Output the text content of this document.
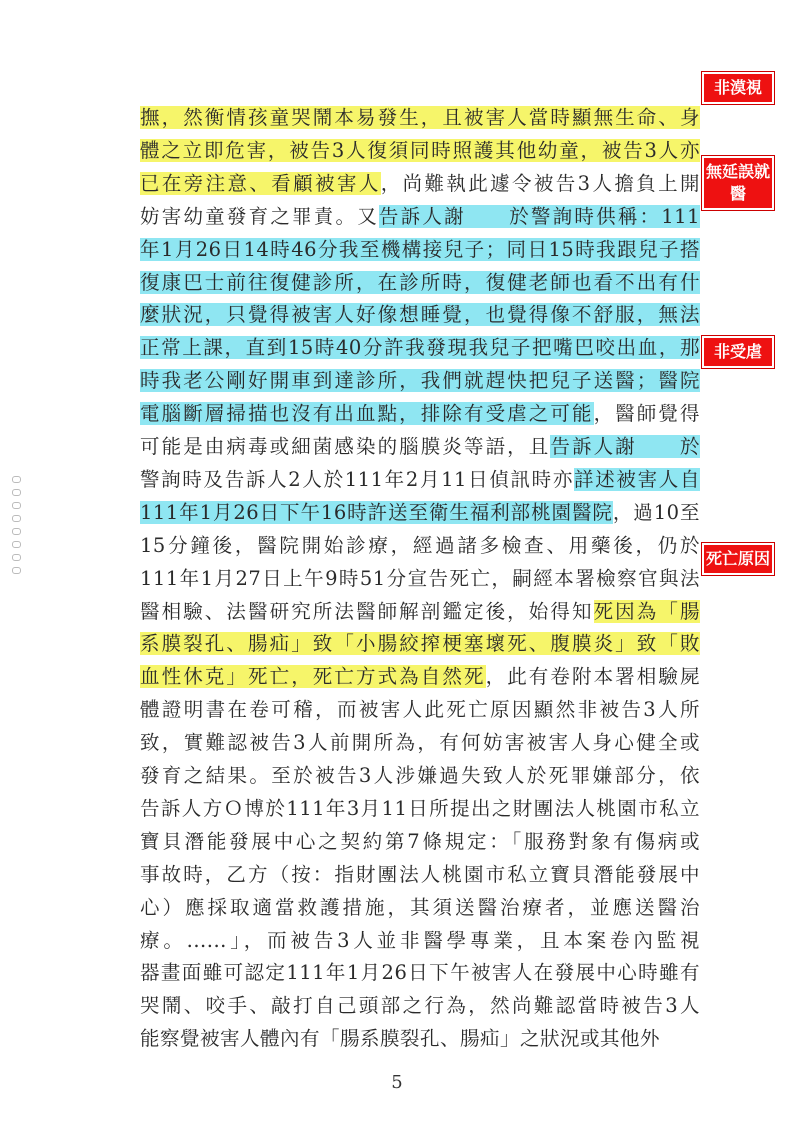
撫，然衡情孩童哭鬧本易發生，且被害人當時顯無生命、身
體之立即危害，被告3人復須同時照護其他幼童，被告3人亦
已在旁注意、看顧被害人，尚難執此遽令被告3人擔負上開
妨害幼童發育之罪責。又告訴人謝　　於警詢時供稱：111
年1月26日14時46分我至機構接兒子；同日15時我跟兒子搭
復康巴士前往復健診所，在診所時，復健老師也看不出有什
麼狀況，只覺得被害人好像想睡覺，也覺得像不舒服，無法
正常上課，直到15時40分許我發現我兒子把嘴巴咬出血，那
時我老公剛好開車到達診所，我們就趕快把兒子送醫；醫院
電腦斷層掃描也沒有出血點，排除有受虐之可能，醫師覺得
可能是由病毒或細菌感染的腦膜炎等語，且告訴人謝　　於
警詢時及告訴人2人於111年2月11日偵訊時亦詳述被害人自
111年1月26日下午16時許送至衛生福利部桃園醫院，過10至
15分鐘後，醫院開始診療，經過諸多檢查、用藥後，仍於
111年1月27日上午9時51分宣告死亡，嗣經本署檢察官與法
醫相驗、法醫研究所法醫師解剖鑑定後，始得知死因為「腸
系膜裂孔、腸疝」致「小腸絞搾梗塞壞死、腹膜炎」致「敗
血性休克」死亡，死亡方式為自然死，此有卷附本署相驗屍
體證明書在卷可稽，而被害人此死亡原因顯然非被告3人所
致，實難認被告3人前開所為，有何妨害被害人身心健全或
發育之結果。至於被告3人涉嫌過失致人於死罪嫌部分，依
告訴人方Ｏ博於111年3月11日所提出之財團法人桃園市私立
寶貝潛能發展中心之契約第7條規定：「服務對象有傷病或
事故時，乙方（按：指財團法人桃園市私立寶貝潛能發展中
心）應採取適當救護措施，其須送醫治療者，並應送醫治
療。......」，而被告3人並非醫學專業，且本案卷內監視
器畫面雖可認定111年1月26日下午被害人在發展中心時雖有
哭鬧、咬手、敲打自己頭部之行為，然尚難認當時被告3人
能察覺被害人體內有「腸系膜裂孔、腸疝」之狀況或其他外
非漠視
無延誤就醫
非受虐
死亡原因
5
